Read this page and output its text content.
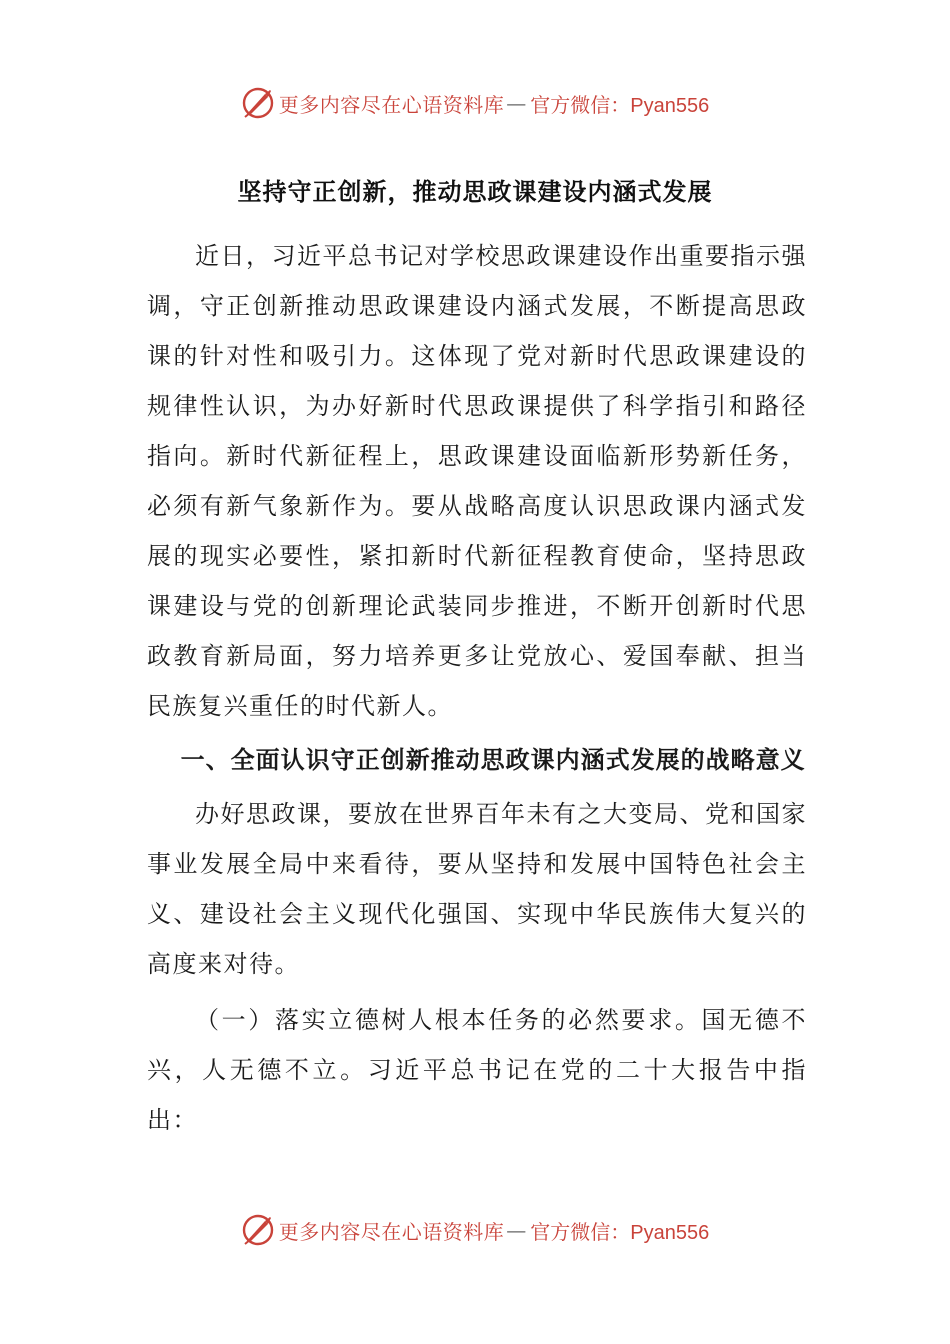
更多内容尽在心语资料库 — 官方微信：Pyan556
坚持守正创新，推动思政课建设内涵式发展

近日，习近平总书记对学校思政课建设作出重要指示强调，守正创新推动思政课建设内涵式发展，不断提高思政课的针对性和吸引力。这体现了党对新时代思政课建设的规律性认识，为办好新时代思政课提供了科学指引和路径指向。新时代新征程上，思政课建设面临新形势新任务，必须有新气象新作为。要从战略高度认识思政课内涵式发展的现实必要性，紧扣新时代新征程教育使命，坚持思政课建设与党的创新理论武装同步推进，不断开创新时代思政教育新局面，努力培养更多让党放心、爱国奉献、担当民族复兴重任的时代新人。

一、全面认识守正创新推动思政课内涵式发展的战略意义

办好思政课，要放在世界百年未有之大变局、党和国家事业发展全局中来看待，要从坚持和发展中国特色社会主义、建设社会主义现代化强国、实现中华民族伟大复兴的高度来对待。

（一）落实立德树人根本任务的必然要求。国无德不兴，人无德不立。习近平总书记在党的二十大报告中指出：

更多内容尽在心语资料库 — 官方微信：Pyan556
